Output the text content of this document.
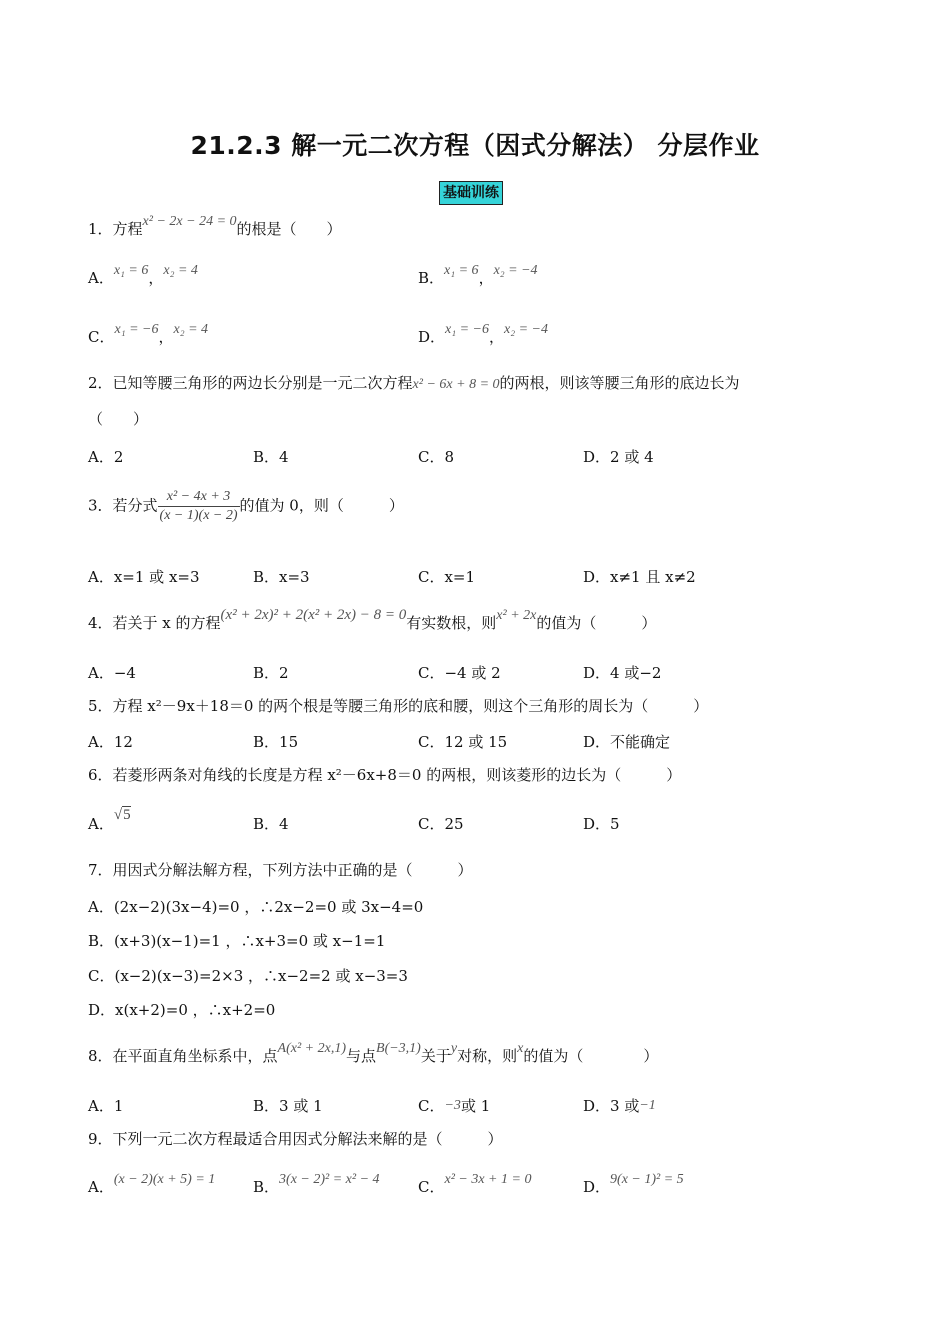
21.2.3 解一元二次方程（因式分解法） 分层作业
基础训练
1．方程x² − 2x − 24 = 0的根是（　　）
A．x₁ = 6，x₂ = 4	B．x₁ = 6，x₂ = −4
C．x₁ = −6，x₂ = 4	D．x₁ = −6，x₂ = −4
2．已知等腰三角形的两边长分别是一元二次方程x² − 6x + 8 = 0的两根，则该等腰三角形的底边长为
（　　）
A．2	B．4	C．8	D．2 或 4
3．若分式 $\frac{\text{x² − 4x + 3}}{(x - 1)(x - 2)}$ 的值为 0，则（　　　）
A．x=1 或 x=3	B．x=3	C．x=1	D．x≠1 且 x≠2
4．若关于 x 的方程(x² + 2x)² + 2(x² + 2x) − 8 = 0有实数根，则x² + 2x的值为（　　　）
A．−4	B．2	C．−4 或 2	D．4 或−2
5．方程 x²－9x＋18＝0 的两个根是等腰三角形的底和腰，则这个三角形的周长为（　　　）
A．12	B．15	C．12 或 15	D．不能确定
6．若菱形两条对角线的长度是方程 x²－6x+8＝0 的两根，则该菱形的边长为（　　　）
A．√5	B．4	C．25	D．5
7．用因式分解法解方程，下列方法中正确的是（　　　）
A．(2x−2)(3x−4)=0 ，∴2x−2=0 或 3x−4=0
B．(x+3)(x−1)=1 ，∴x+3=0 或 x−1=1
C．(x−2)(x−3)=2×3 ，∴x−2=2 或 x−3=3
D．x(x+2)=0 ，∴x+2=0
8．在平面直角坐标系中，点A(x² + 2x,1)与点B(−3,1)关于y对称，则x的值为（　　　　）
A．1	B．3 或 1	C．−3或 1	D．3 或−1
9．下列一元二次方程最适合用因式分解法来解的是（　　　）
A．(x − 2)(x + 5) = 1	B．3(x − 2)² = x² − 4	C．x² − 3x + 1 = 0	D．9(x − 1)² = 5
